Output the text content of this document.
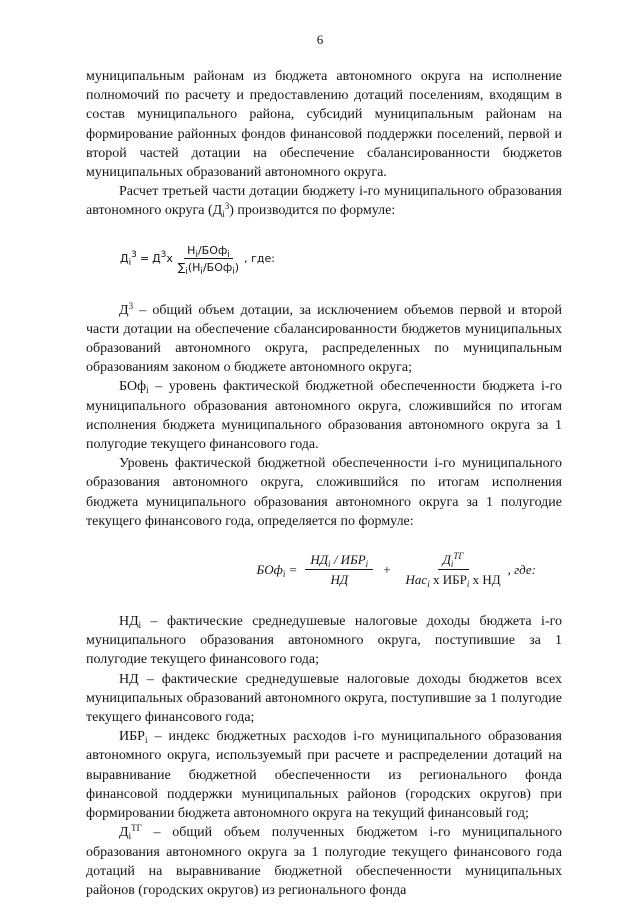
6

муниципальным районам из бюджета автономного округа на исполнение полномочий по расчету и предоставлению дотаций поселениям, входящим в состав муниципального района, субсидий муниципальным районам на формирование районных фондов финансовой поддержки поселений, первой и второй частей дотации на обеспечение сбалансированности бюджетов муниципальных образований автономного округа.

Расчет третьей части дотации бюджету i-го муниципального образования автономного округа $(Д_i^3)$ производится по формуле:

$Д_i^3 = Д^3$ x $\frac{Н_i/БОф_i}{\sum_i(Н_i/БОф_i)}$ , где:

$Д^3$ – общий объем дотации, за исключением объемов первой и второй части дотации на обеспечение сбалансированности бюджетов муниципальных образований автономного округа, распределенных по муниципальным образованиям законом о бюджете автономного округа;

БОф$_i$ – уровень фактической бюджетной обеспеченности бюджета i-го муниципального образования автономного округа, сложившийся по итогам исполнения бюджета муниципального образования автономного округа за 1 полугодие текущего финансового года.

Уровень фактической бюджетной обеспеченности i-го муниципального образования автономного округа, сложившийся по итогам исполнения бюджета муниципального образования автономного округа за 1 полугодие текущего финансового года, определяется по формуле:

$БОф_i = \frac{НД_i / ИБР_i}{НД} + \frac{Д_i^{ТГ}}{Нас_i х ИБР_i х НД}$ , где:

$НД_i$ – фактические среднедушевые налоговые доходы бюджета i-го муниципального образования автономного округа, поступившие за 1 полугодие текущего финансового года;

НД – фактические среднедушевые налоговые доходы бюджетов всех муниципальных образований автономного округа, поступившие за 1 полугодие текущего финансового года;

$ИБР_i$ – индекс бюджетных расходов i-го муниципального образования автономного округа, используемый при расчете и распределении дотаций на выравнивание бюджетной обеспеченности из регионального фонда финансовой поддержки муниципальных районов (городских округов) при формировании бюджета автономного округа на текущий финансовый год;

$Д_i^{ТГ}$ – общий объем полученных бюджетом i-го муниципального образования автономного округа за 1 полугодие текущего финансового года дотаций на выравнивание бюджетной обеспеченности муниципальных районов (городских округов) из регионального фонда
